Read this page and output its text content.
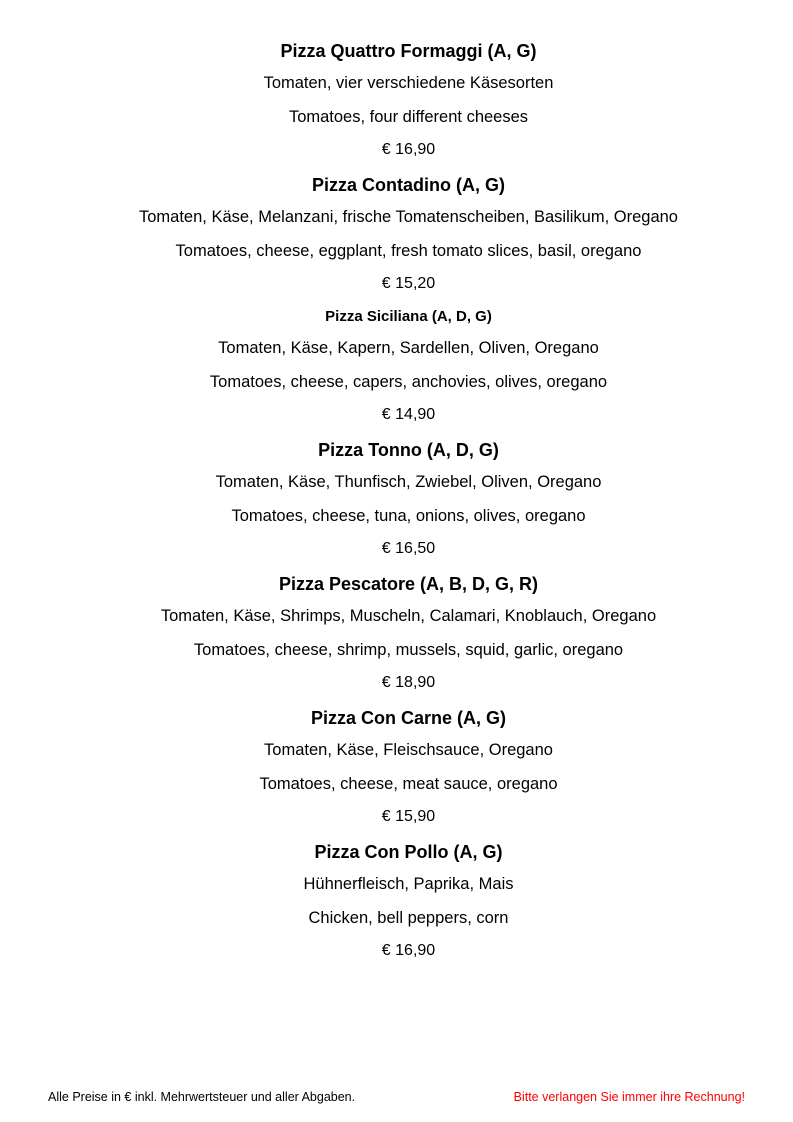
Pizza Quattro Formaggi (A, G)
Tomaten, vier verschiedene Käsesorten
Tomatoes, four different cheeses
€ 16,90
Pizza Contadino (A, G)
Tomaten, Käse, Melanzani, frische Tomatenscheiben, Basilikum, Oregano
Tomatoes, cheese, eggplant, fresh tomato slices, basil, oregano
€ 15,20
Pizza Siciliana (A, D, G)
Tomaten, Käse, Kapern, Sardellen, Oliven, Oregano
Tomatoes, cheese, capers, anchovies, olives, oregano
€ 14,90
Pizza Tonno (A, D, G)
Tomaten, Käse, Thunfisch, Zwiebel, Oliven, Oregano
Tomatoes, cheese, tuna, onions, olives, oregano
€ 16,50
Pizza Pescatore (A, B, D, G, R)
Tomaten, Käse, Shrimps, Muscheln, Calamari, Knoblauch, Oregano
Tomatoes, cheese, shrimp, mussels, squid, garlic, oregano
€ 18,90
Pizza Con Carne (A, G)
Tomaten, Käse, Fleischsauce, Oregano
Tomatoes, cheese, meat sauce, oregano
€ 15,90
Pizza Con Pollo (A, G)
Hühnerfleisch, Paprika, Mais
Chicken, bell peppers, corn
€ 16,90
Alle Preise in € inkl. Mehrwertsteuer und aller Abgaben.	Bitte verlangen Sie immer ihre Rechnung!
